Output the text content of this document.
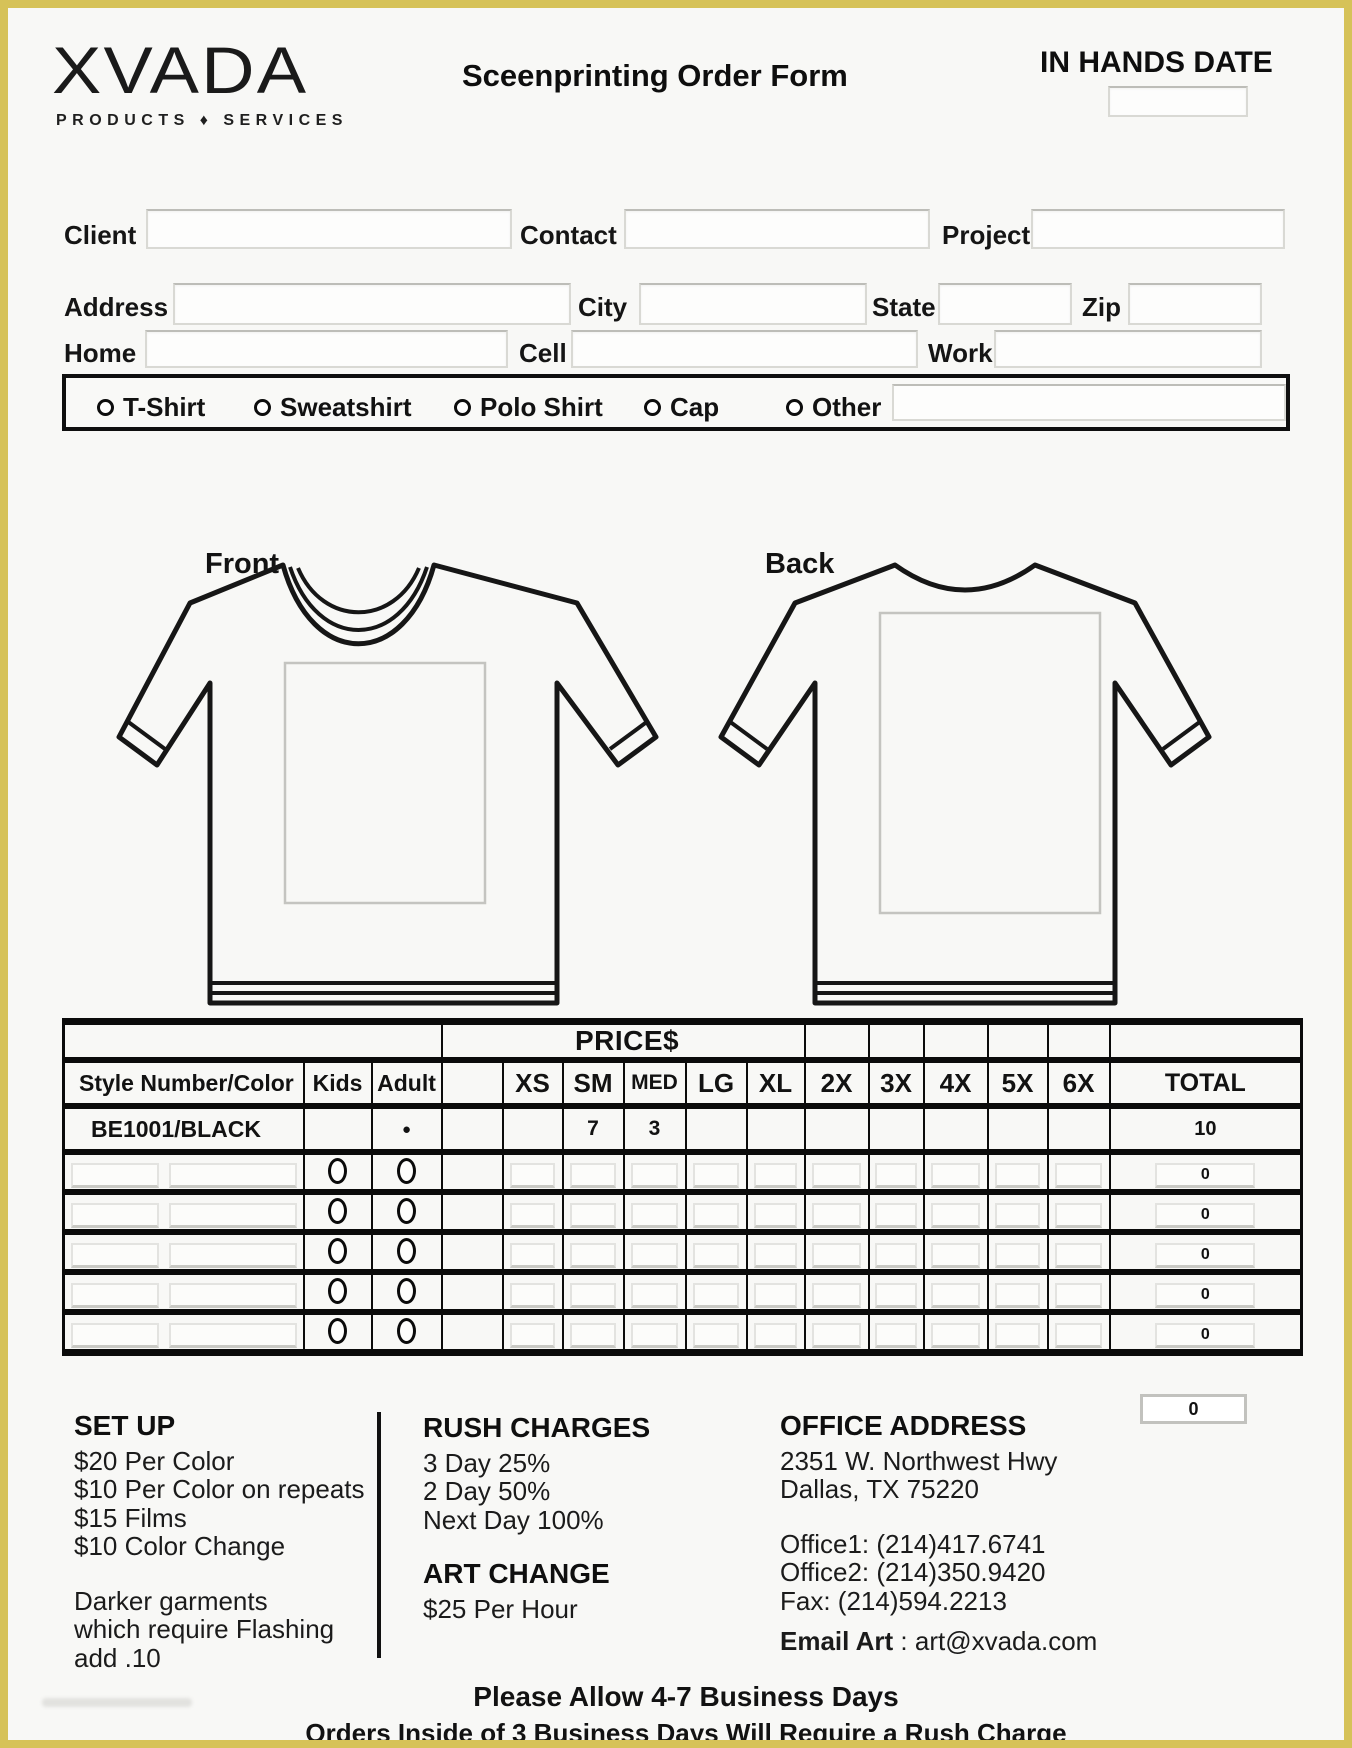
XVADA
PRODUCTS ♦ SERVICES
Sceenprinting Order Form	IN HANDS DATE
Client	Contact	Project
Address	City	State	Zip
Home	Cell	Work
T-Shirt	Sweatshirt	Polo Shirt	Cap	Other
Front	Back
			PRICE$											
Style Number/Color	Kids	Adult		XS	SM	MED	LG	XL	2X	3X	4X	5X	6X	TOTAL
BE1001/BLACK		●			7	3								10
														0
														0
														0
														0
														0
0
SET UP
$20 Per Color
$10 Per Color on repeats
$15 Films
$10 Color Change
Darker garments
which require Flashing
add .10
RUSH CHARGES
3 Day 25%
2 Day 50%
Next Day 100%
ART CHANGE
$25 Per Hour
OFFICE ADDRESS
2351 W. Northwest Hwy
Dallas, TX 75220
Office1: (214)417.6741
Office2: (214)350.9420
Fax: (214)594.2213
Email Art : art@xvada.com
Please Allow 4-7 Business Days
Orders Inside of 3 Business Days Will Require a Rush Charge
